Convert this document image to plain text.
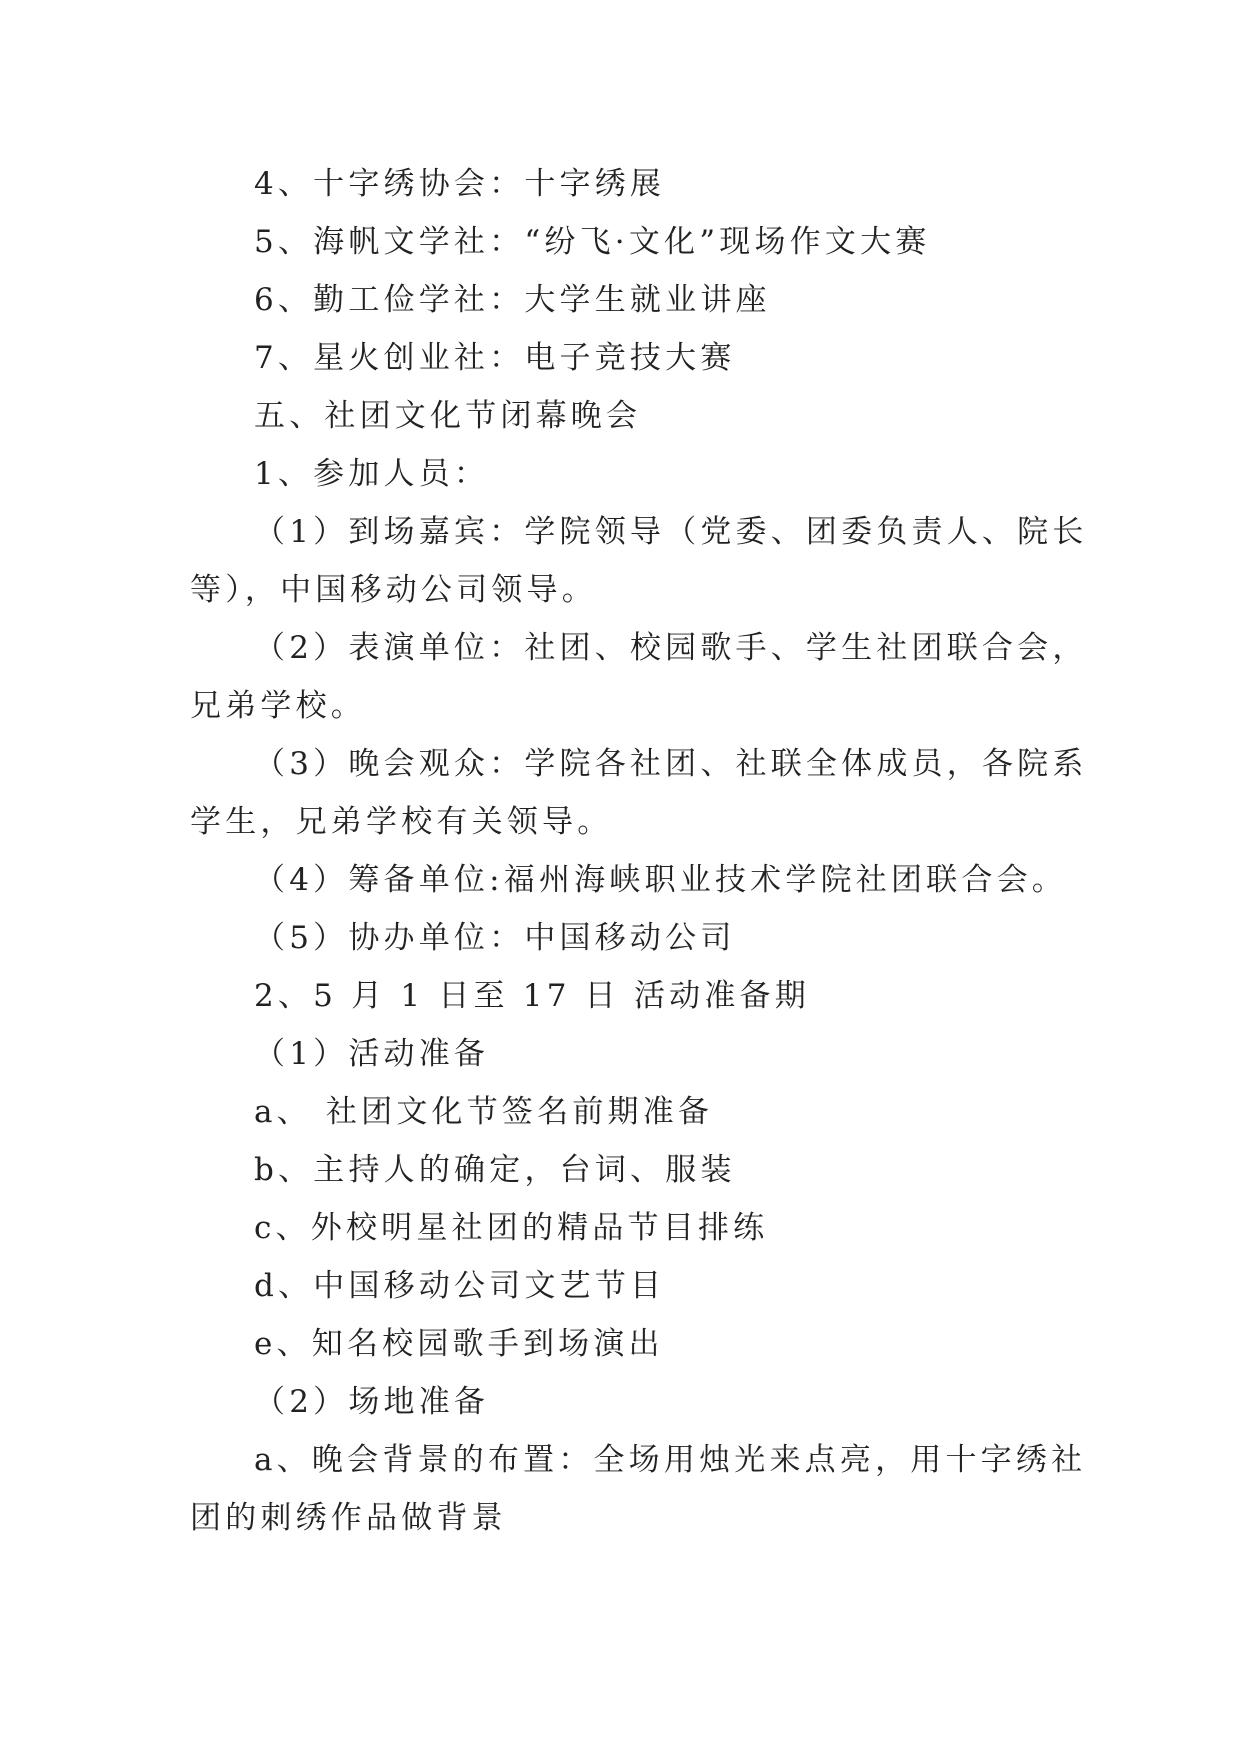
4、十字绣协会：十字绣展

5、海帆文学社：“纷飞·文化”现场作文大赛

6、勤工俭学社：大学生就业讲座

7、星火创业社：电子竞技大赛

五、社团文化节闭幕晚会

1、参加人员：

（1）到场嘉宾：学院领导（党委、团委负责人、院长

等），中国移动公司领导。

（2）表演单位：社团、校园歌手、学生社团联合会，

兄弟学校。

（3）晚会观众：学院各社团、社联全体成员，各院系

学生，兄弟学校有关领导。

（4）筹备单位:福州海峡职业技术学院社团联合会。

（5）协办单位：中国移动公司

2、5 月 1 日至 17 日 活动准备期

（1）活动准备

a、 社团文化节签名前期准备

b、主持人的确定，台词、服装

c、外校明星社团的精品节目排练

d、中国移动公司文艺节目

e、知名校园歌手到场演出

（2）场地准备

a、晚会背景的布置：全场用烛光来点亮，用十字绣社

团的刺绣作品做背景
